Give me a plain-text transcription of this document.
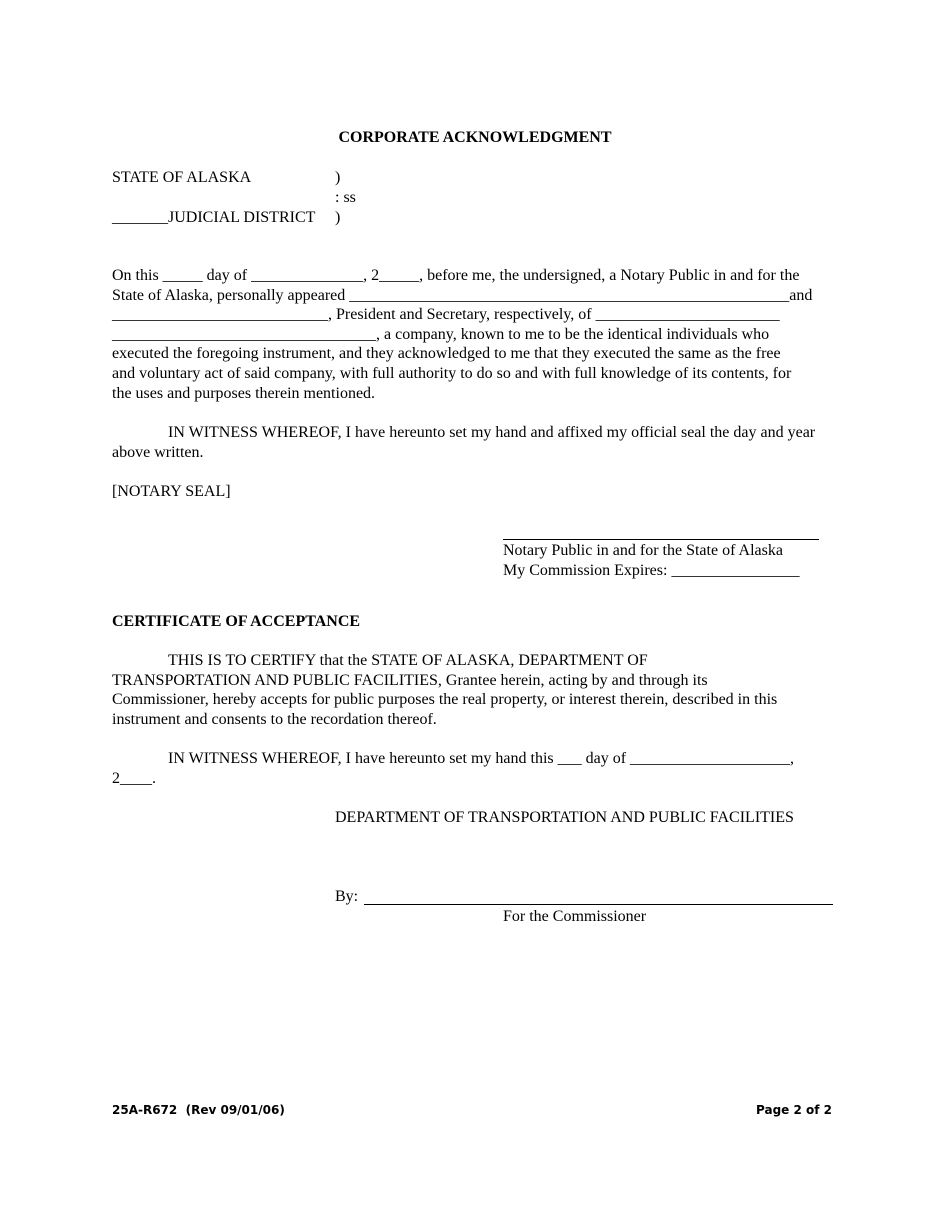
CORPORATE ACKNOWLEDGMENT
STATE OF ALASKA	)
: ss
_______JUDICIAL DISTRICT )
On this _____ day of ______________, 2_____, before me, the undersigned, a Notary Public in and for the
State of Alaska, personally appeared _______________________________________________________and
___________________________, President and Secretary, respectively, of _______________________
_________________________________, a company, known to me to be the identical individuals who
executed the foregoing instrument, and they acknowledged to me that they executed the same as the free
and voluntary act of said company, with full authority to do so and with full knowledge of its contents, for
the uses and purposes therein mentioned.
IN WITNESS WHEREOF, I have hereunto set my hand and affixed my official seal the day and year above written.
[NOTARY SEAL]
Notary Public in and for the State of Alaska
My Commission Expires: ________________
CERTIFICATE OF ACCEPTANCE
THIS IS TO CERTIFY that the STATE OF ALASKA, DEPARTMENT OF
TRANSPORTATION AND PUBLIC FACILITIES, Grantee herein, acting by and through its
Commissioner, hereby accepts for public purposes the real property, or interest therein, described in this
instrument and consents to the recordation thereof.
IN WITNESS WHEREOF, I have hereunto set my hand this ___ day of ____________________,
2____.
DEPARTMENT OF TRANSPORTATION AND PUBLIC FACILITIES
By:
For the Commissioner
25A-R672  (Rev 09/01/06)	Page 2 of 2
